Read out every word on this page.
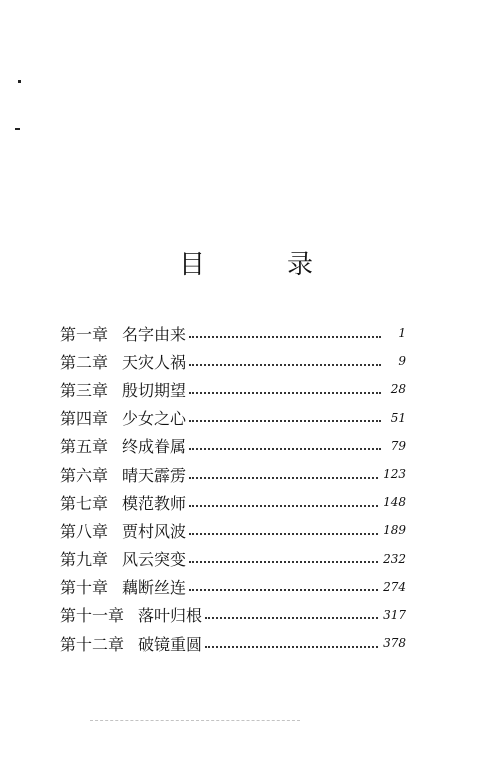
目　录
第一章 名字由来	1
第二章 天灾人祸	9
第三章 殷切期望	28
第四章 少女之心	51
第五章 终成眷属	79
第六章 晴天霹雳	123
第七章 模范教师	148
第八章 贾村风波	189
第九章 风云突变	232
第十章 藕断丝连	274
第十一章 落叶归根	317
第十二章 破镜重圆	378
